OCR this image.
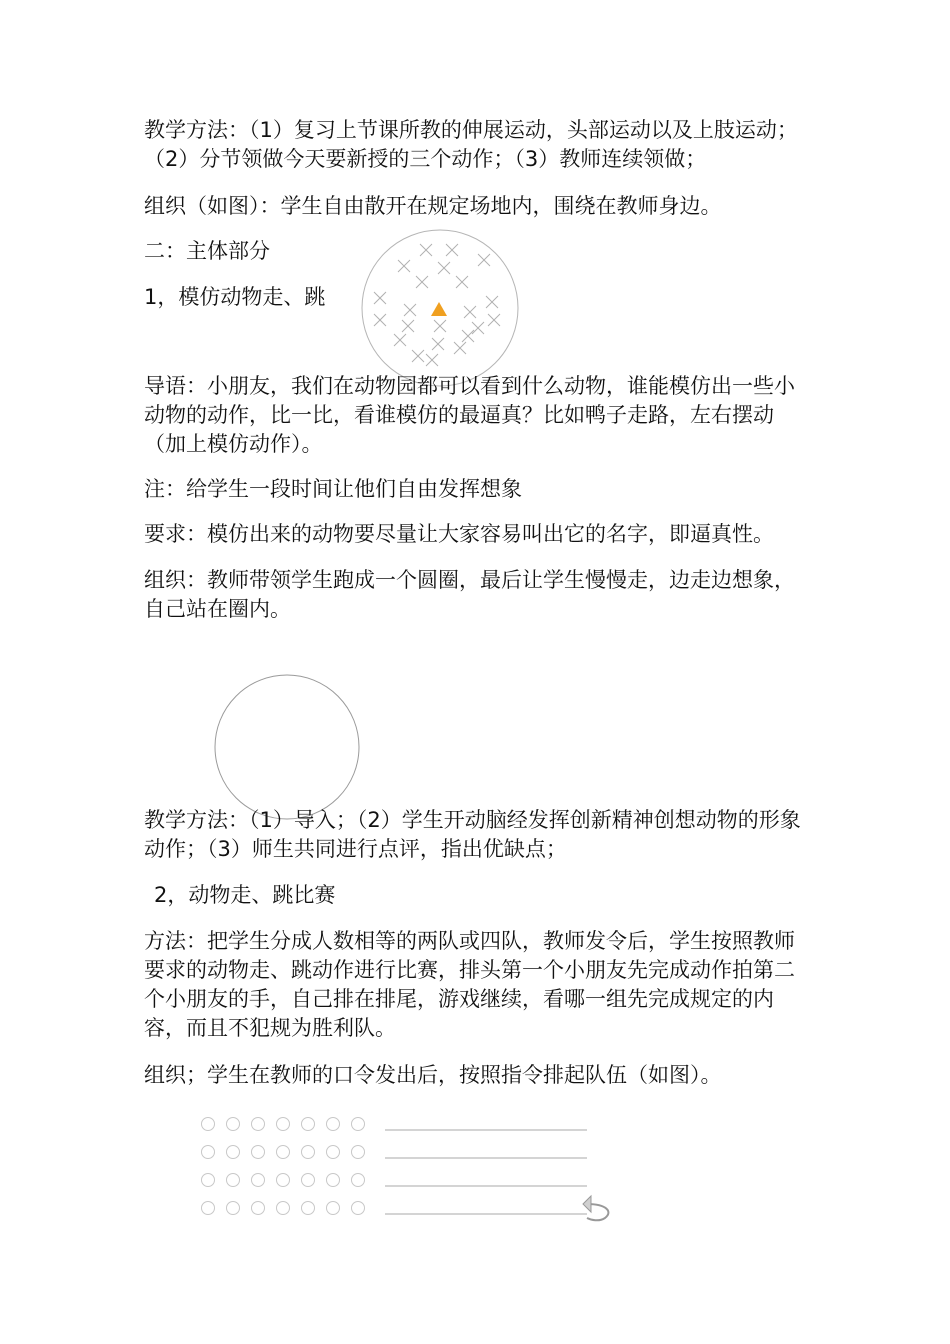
教学方法：（1）复习上节课所教的伸展运动，头部运动以及上肢运动；（2）分节领做今天要新授的三个动作；（3）教师连续领做；

组织（如图）：学生自由散开在规定场地内，围绕在教师身边。

二：主体部分

1，模仿动物走、跳

导语：小朋友，我们在动物园都可以看到什么动物，谁能模仿出一些小动物的动作，比一比，看谁模仿的最逼真？比如鸭子走路，左右摆动（加上模仿动作）。

注：给学生一段时间让他们自由发挥想象

要求：模仿出来的动物要尽量让大家容易叫出它的名字，即逼真性。

组织：教师带领学生跑成一个圆圈，最后让学生慢慢走，边走边想象，自己站在圈内。

教学方法：（1）导入；（2）学生开动脑经发挥创新精神创想动物的形象动作；（3）师生共同进行点评，指出优缺点；

2，动物走、跳比赛

方法：把学生分成人数相等的两队或四队，教师发令后，学生按照教师要求的动物走、跳动作进行比赛，排头第一个小朋友先完成动作拍第二个小朋友的手，自己排在排尾，游戏继续，看哪一组先完成规定的内容，而且不犯规为胜利队。

组织；学生在教师的口令发出后，按照指令排起队伍（如图）。
